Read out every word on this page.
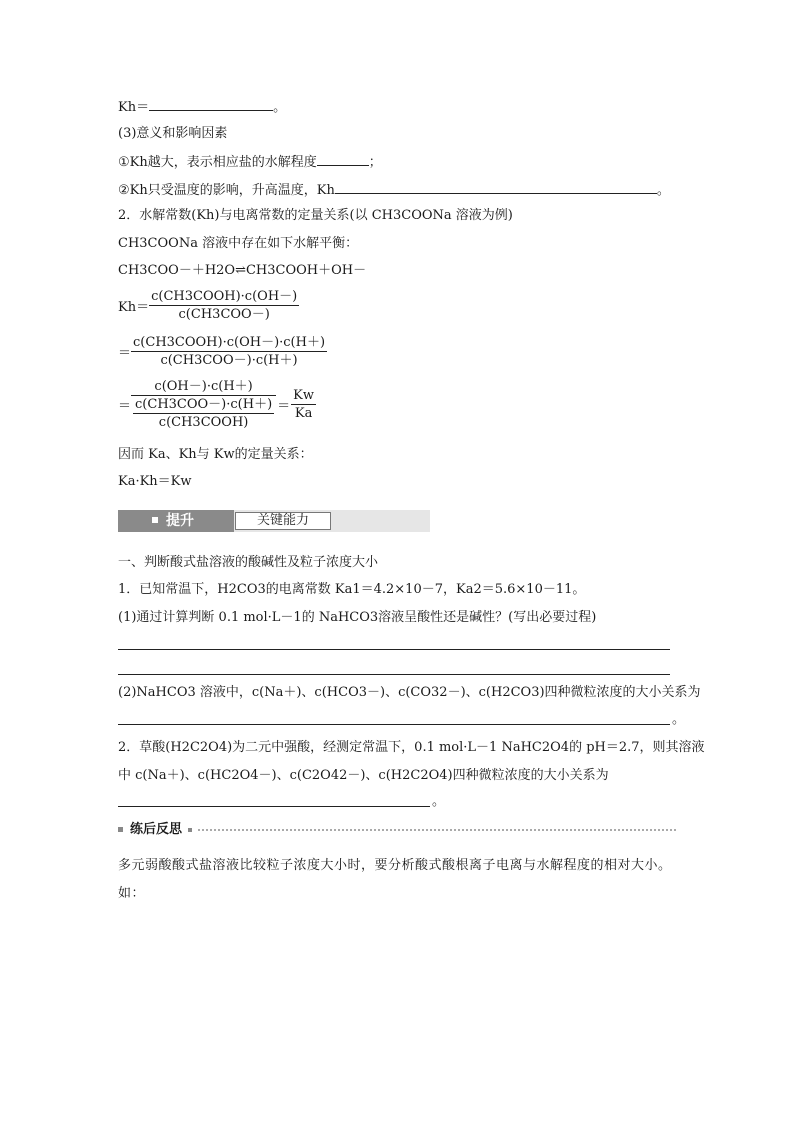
Kh＝	。
(3)意义和影响因素
①Kh越大，表示相应盐的水解程度	；
②Kh只受温度的影响，升高温度，Kh	。
2．水解常数(Kh)与电离常数的定量关系(以 CH3COONa 溶液为例)
CH3COONa 溶液中存在如下水解平衡：
CH3COO－＋H2O⇌CH3COOH＋OH－
$Kh= \frac{\text{c(CH3COOH)·c(OH－)}}{\text{c(CH3COO－)}}$
＝ $\frac{\text{c(CH3COOH)·c(OH－)·c(H＋)}}{\text{c(CH3COO－)·c(H＋)}}$
＝ $\frac{c(OH-)\cdot c(H+)}{\frac{\text{c(CH3COO－)·c(H＋)}}{\text{c(CH3COOH)}}} = \frac{Kw}{Ka}$
因而 Ka、Kh与 Kw的定量关系：
Ka·Kh＝Kw
提升	关键能力
一、判断酸式盐溶液的酸碱性及粒子浓度大小
1．已知常温下，H2CO3的电离常数 Ka1＝4.2×10－7，Ka2＝5.6×10－11。
(1)通过计算判断 0.1 mol·L－1的 NaHCO3溶液呈酸性还是碱性？(写出必要过程)
(2)NaHCO3 溶液中，c(Na＋)、c(HCO3－)、c(CO32－)、c(H2CO3)四种微粒浓度的大小关系为
。
2．草酸(H2C2O4)为二元中强酸，经测定常温下，0.1 mol·L－1 NaHC2O4的 pH＝2.7，则其溶液
中 c(Na＋)、c(HC2O4－)、c(C2O42－)、c(H2C2O4)四种微粒浓度的大小关系为
。
练后反思
多元弱酸酸式盐溶液比较粒子浓度大小时，要分析酸式酸根离子电离与水解程度的相对大小。
如：
